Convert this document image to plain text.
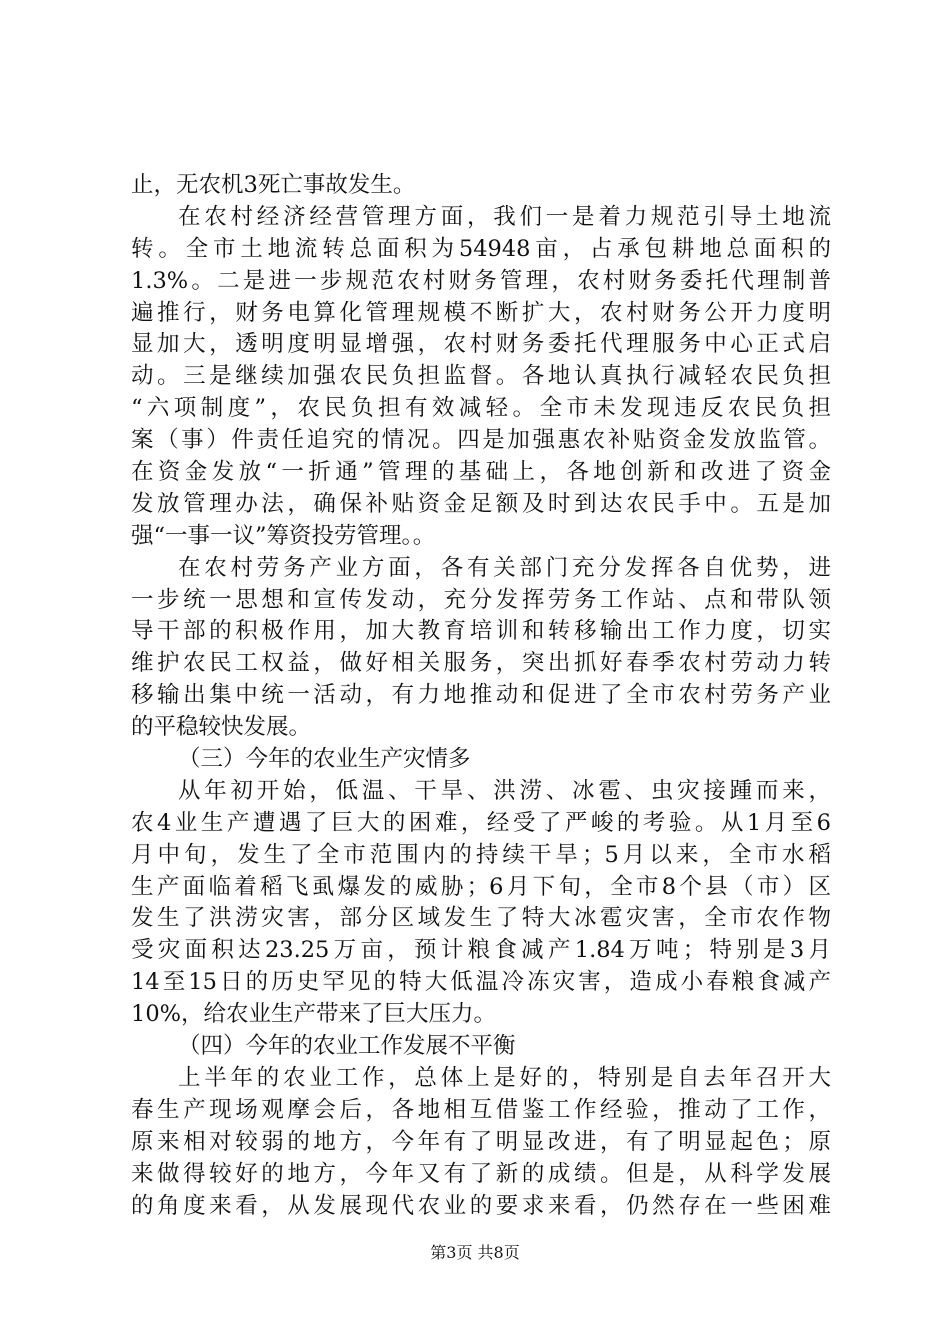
止，无农机3死亡事故发生。
在农村经济经营管理方面，我们一是着力规范引导土地流
转。全市土地流转总面积为54948亩，占承包耕地总面积的
1.3%。二是进一步规范农村财务管理，农村财务委托代理制普
遍推行，财务电算化管理规模不断扩大，农村财务公开力度明
显加大，透明度明显增强，农村财务委托代理服务中心正式启
动。三是继续加强农民负担监督。各地认真执行减轻农民负担
“六项制度”，农民负担有效减轻。全市未发现违反农民负担
案（事）件责任追究的情况。四是加强惠农补贴资金发放监管。
在资金发放“一折通”管理的基础上，各地创新和改进了资金
发放管理办法，确保补贴资金足额及时到达农民手中。五是加
强“一事一议”筹资投劳管理。。
在农村劳务产业方面，各有关部门充分发挥各自优势，进
一步统一思想和宣传发动，充分发挥劳务工作站、点和带队领
导干部的积极作用，加大教育培训和转移输出工作力度，切实
维护农民工权益，做好相关服务，突出抓好春季农村劳动力转
移输出集中统一活动，有力地推动和促进了全市农村劳务产业
的平稳较快发展。
（三）今年的农业生产灾情多
从年初开始，低温、干旱、洪涝、冰雹、虫灾接踵而来，
农4业生产遭遇了巨大的困难，经受了严峻的考验。从1月至6
月中旬，发生了全市范围内的持续干旱；5月以来，全市水稻
生产面临着稻飞虱爆发的威胁；6月下旬，全市8个县（市）区
发生了洪涝灾害，部分区域发生了特大冰雹灾害，全市农作物
受灾面积达23.25万亩，预计粮食减产1.84万吨；特别是3月
14至15日的历史罕见的特大低温冷冻灾害，造成小春粮食减产
10%，给农业生产带来了巨大压力。
（四）今年的农业工作发展不平衡
上半年的农业工作，总体上是好的，特别是自去年召开大
春生产现场观摩会后，各地相互借鉴工作经验，推动了工作，
原来相对较弱的地方，今年有了明显改进，有了明显起色；原
来做得较好的地方，今年又有了新的成绩。但是，从科学发展
的角度来看，从发展现代农业的要求来看，仍然存在一些困难
第3页 共8页
